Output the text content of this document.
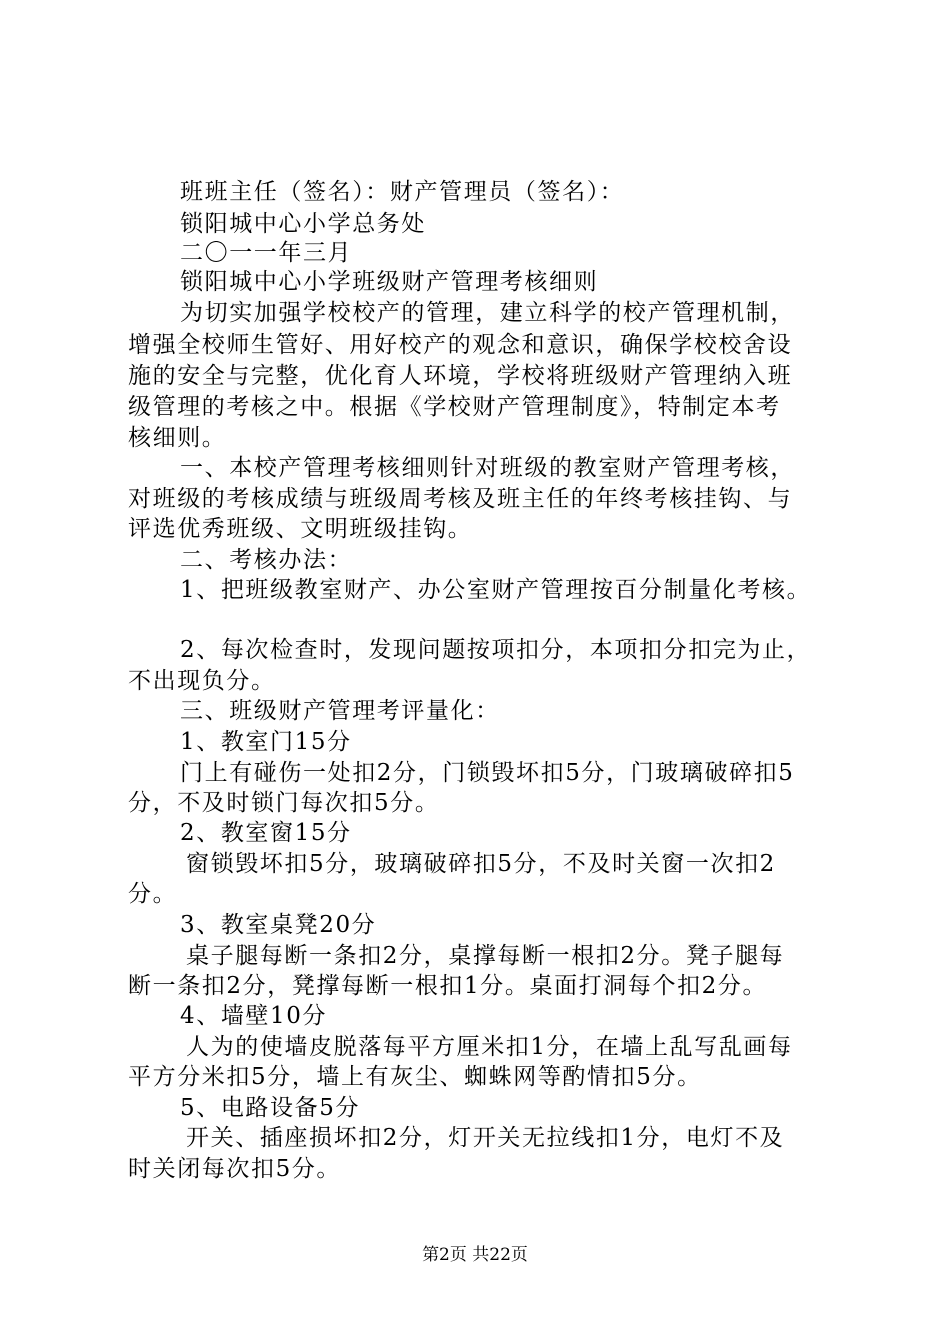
班班主任（签名）：财产管理员（签名）：
锁阳城中心小学总务处
二〇一一年三月
锁阳城中心小学班级财产管理考核细则
为切实加强学校校产的管理，建立科学的校产管理机制，
增强全校师生管好、用好校产的观念和意识，确保学校校舍设
施的安全与完整，优化育人环境，学校将班级财产管理纳入班
级管理的考核之中。根据《学校财产管理制度》，特制定本考
核细则。
一、本校产管理考核细则针对班级的教室财产管理考核，
对班级的考核成绩与班级周考核及班主任的年终考核挂钩、与
评选优秀班级、文明班级挂钩。
二、考核办法：
1、把班级教室财产、办公室财产管理按百分制量化考核。
2、每次检查时，发现问题按项扣分，本项扣分扣完为止，
不出现负分。
三、班级财产管理考评量化：
1、教室门15分
门上有碰伤一处扣2分，门锁毁坏扣5分，门玻璃破碎扣5
分，不及时锁门每次扣5分。
2、教室窗15分
窗锁毁坏扣5分，玻璃破碎扣5分，不及时关窗一次扣2
分。
3、教室桌凳20分
桌子腿每断一条扣2分，桌撑每断一根扣2分。凳子腿每
断一条扣2分，凳撑每断一根扣1分。桌面打洞每个扣2分。
4、墙壁10分
人为的使墙皮脱落每平方厘米扣1分，在墙上乱写乱画每
平方分米扣5分，墙上有灰尘、蜘蛛网等酌情扣5分。
5、电路设备5分
开关、插座损坏扣2分，灯开关无拉线扣1分，电灯不及
时关闭每次扣5分。
第2页 共22页
